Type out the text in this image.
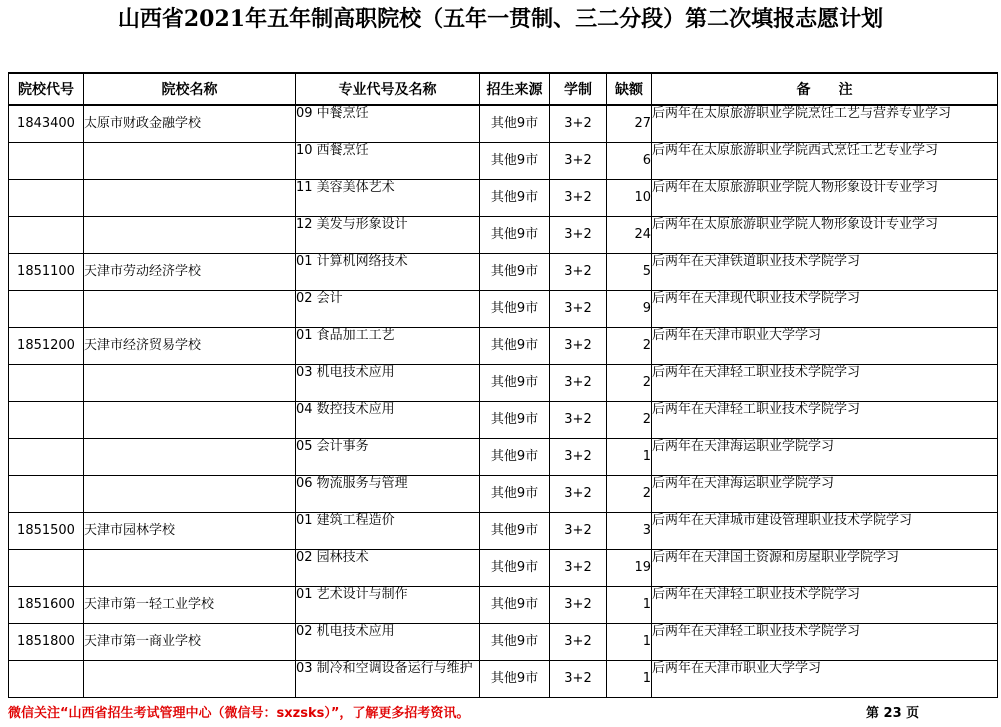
山西省2021年五年制高职院校（五年一贯制、三二分段）第二次填报志愿计划
院校代号	院校名称	专业代号及名称	招生来源	学制	缺额	备　　注
1843400	太原市财政金融学校	09 中餐烹饪	其他9市	3+2	27	后两年在太原旅游职业学院烹饪工艺与营养专业学习
		10 西餐烹饪	其他9市	3+2	6	后两年在太原旅游职业学院西式烹饪工艺专业学习
		11 美容美体艺术	其他9市	3+2	10	后两年在太原旅游职业学院人物形象设计专业学习
		12 美发与形象设计	其他9市	3+2	24	后两年在太原旅游职业学院人物形象设计专业学习
1851100	天津市劳动经济学校	01 计算机网络技术	其他9市	3+2	5	后两年在天津铁道职业技术学院学习
		02 会计	其他9市	3+2	9	后两年在天津现代职业技术学院学习
1851200	天津市经济贸易学校	01 食品加工工艺	其他9市	3+2	2	后两年在天津市职业大学学习
		03 机电技术应用	其他9市	3+2	2	后两年在天津轻工职业技术学院学习
		04 数控技术应用	其他9市	3+2	2	后两年在天津轻工职业技术学院学习
		05 会计事务	其他9市	3+2	1	后两年在天津海运职业学院学习
		06 物流服务与管理	其他9市	3+2	2	后两年在天津海运职业学院学习
1851500	天津市园林学校	01 建筑工程造价	其他9市	3+2	3	后两年在天津城市建设管理职业技术学院学习
		02 园林技术	其他9市	3+2	19	后两年在天津国土资源和房屋职业学院学习
1851600	天津市第一轻工业学校	01 艺术设计与制作	其他9市	3+2	1	后两年在天津轻工职业技术学院学习
1851800	天津市第一商业学校	02 机电技术应用	其他9市	3+2	1	后两年在天津轻工职业技术学院学习
		03 制冷和空调设备运行与维护	其他9市	3+2	1	后两年在天津市职业大学学习
微信关注“山西省招生考试管理中心（微信号：sxzsks）”，了解更多招考资讯。	第 23 页
